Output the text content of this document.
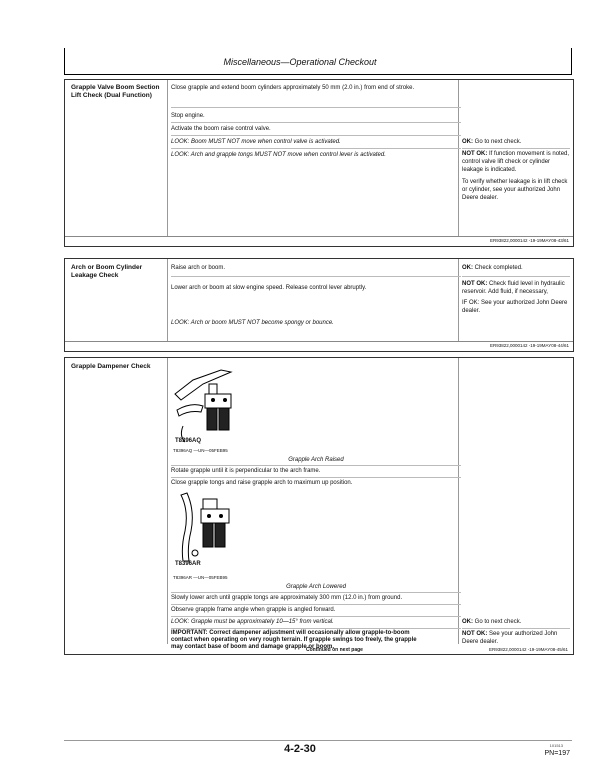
Miscellaneous—Operational Checkout
Grapple Valve Boom Section Lift Check (Dual Function)
Close grapple and extend boom cylinders approximately 50 mm (2.0 in.) from end of stroke.
Stop engine.
Activate the boom raise control valve.
LOOK: Boom MUST NOT move when control valve is activated.
LOOK: Arch and grapple tongs MUST NOT move when control lever is activated.
OK: Go to next check.
NOT OK: If function movement is noted, control valve lift check or cylinder leakage is indicated.
To verify whether leakage is in lift check or cylinder, see your authorized John Deere dealer.
ER93822,0000142 -19-19MAY08-43/61
Arch or Boom Cylinder Leakage Check
Raise arch or boom.
Lower arch or boom at slow engine speed. Release control lever abruptly.
LOOK: Arch or boom MUST NOT become spongy or bounce.
OK: Check completed.
NOT OK: Check fluid level in hydraulic reservoir. Add fluid, if necessary,
IF OK: See your authorized John Deere dealer.
ER93822,0000142 -19-19MAY08-44/61
Grapple Dampener Check
T8396AQ
T8396AQ —UN—05FEB95
Grapple Arch Raised
Rotate grapple until it is perpendicular to the arch frame.
Close grapple tongs and raise grapple arch to maximum up position.
T8396AR
T8396AR —UN—05FEB95
Grapple Arch Lowered
Slowly lower arch until grapple tongs are approximately 300 mm (12.0 in.) from ground.
Observe grapple frame angle when grapple is angled forward.
LOOK: Grapple must be approximately 10—15° from vertical.
IMPORTANT: Correct dampener adjustment will occasionally allow grapple-to-boom contact when operating on very rough terrain. If grapple swings too freely, the grapple may contact base of boom and damage grapple or boom.
OK: Go to next check.
NOT OK: See your authorized John Deere dealer.
Continued on next page	ER93822,0000142 -19-19MAY08-45/61
4-2-30	101513
PN=197
